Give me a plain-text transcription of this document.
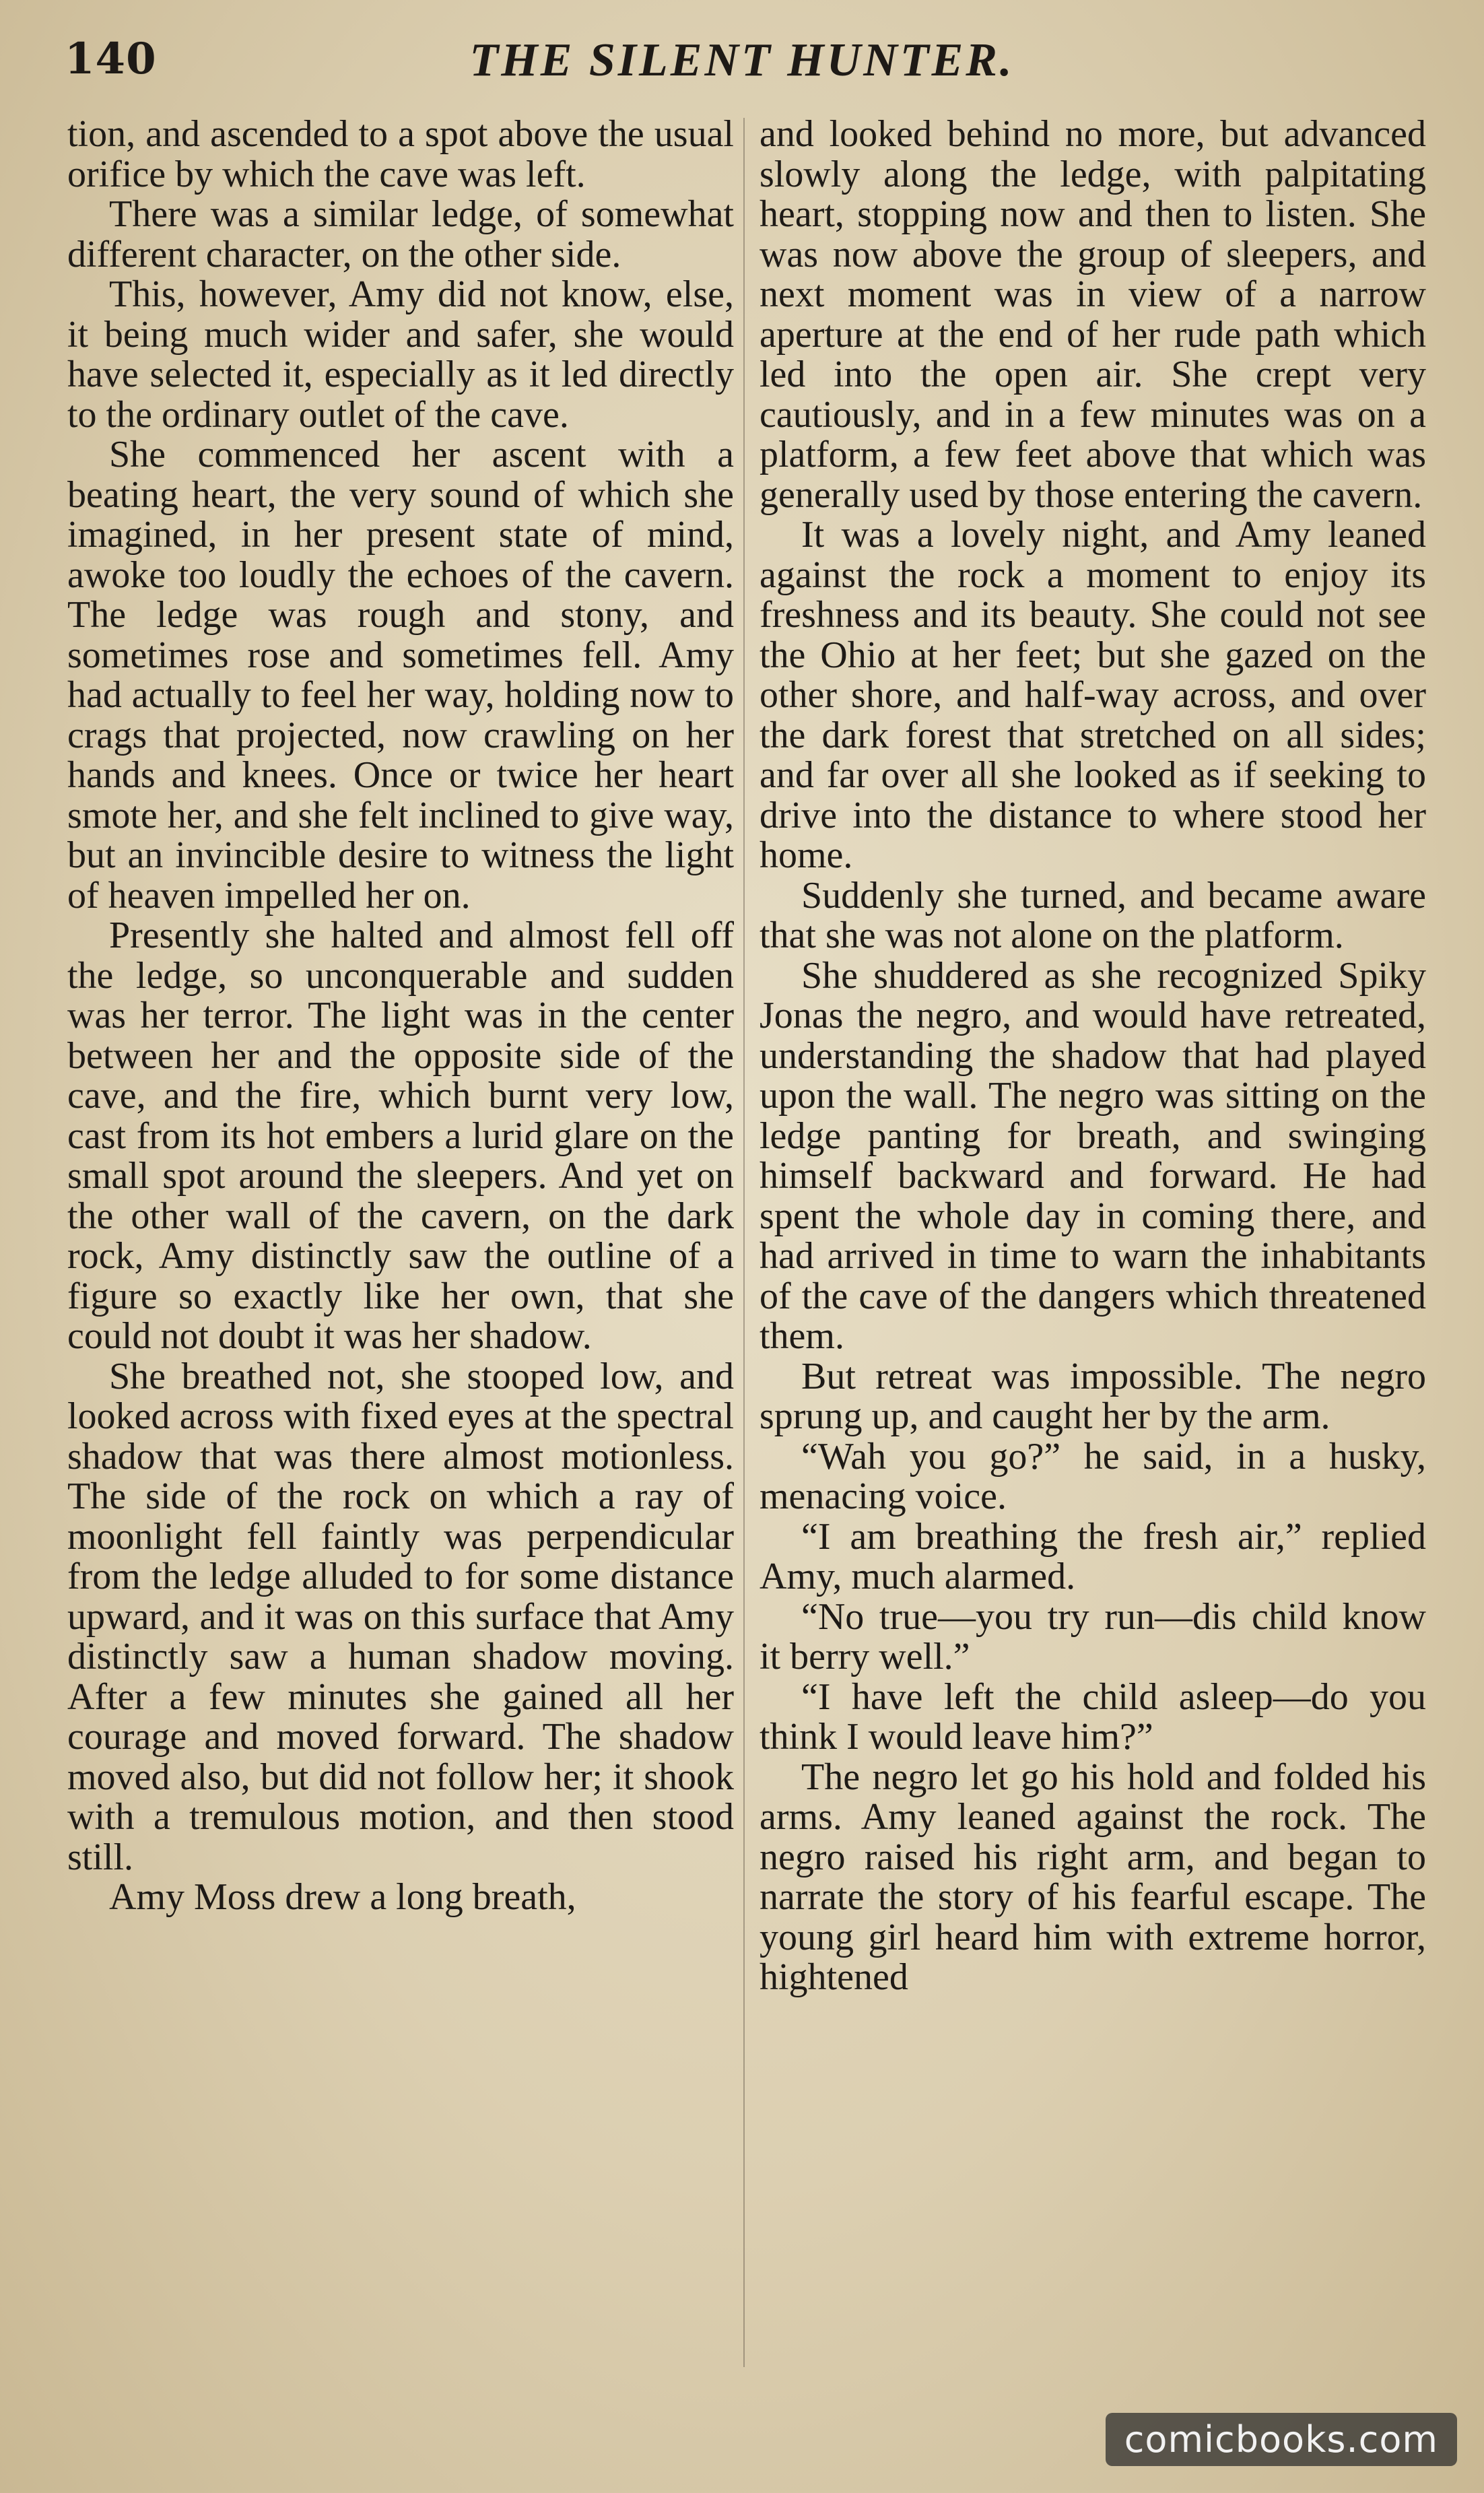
140	THE SILENT HUNTER.

tion, and ascended to a spot above the usual orifice by which the cave was left.

There was a similar ledge, of somewhat different character, on the other side.

This, however, Amy did not know, else, it being much wider and safer, she would have selected it, especially as it led directly to the ordinary outlet of the cave.

She commenced her ascent with a beating heart, the very sound of which she imagined, in her present state of mind, awoke too loudly the echoes of the cavern. The ledge was rough and stony, and sometimes rose and sometimes fell. Amy had actually to feel her way, holding now to crags that projected, now crawling on her hands and knees. Once or twice her heart smote her, and she felt inclined to give way, but an invincible desire to witness the light of heaven impelled her on.

Presently she halted and almost fell off the ledge, so unconquerable and sudden was her terror. The light was in the center between her and the opposite side of the cave, and the fire, which burnt very low, cast from its hot embers a lurid glare on the small spot around the sleepers. And yet on the other wall of the cavern, on the dark rock, Amy distinctly saw the outline of a figure so exactly like her own, that she could not doubt it was her shadow.

She breathed not, she stooped low, and looked across with fixed eyes at the spectral shadow that was there almost motionless. The side of the rock on which a ray of moonlight fell faintly was perpendicular from the ledge alluded to for some distance upward, and it was on this surface that Amy distinctly saw a human shadow moving. After a few minutes she gained all her courage and moved forward. The shadow moved also, but did not follow her; it shook with a tremulous motion, and then stood still.

Amy Moss drew a long breath,

and looked behind no more, but advanced slowly along the ledge, with palpitating heart, stopping now and then to listen. She was now above the group of sleepers, and next moment was in view of a narrow aperture at the end of her rude path which led into the open air. She crept very cautiously, and in a few minutes was on a platform, a few feet above that which was generally used by those entering the cavern.

It was a lovely night, and Amy leaned against the rock a moment to enjoy its freshness and its beauty. She could not see the Ohio at her feet; but she gazed on the other shore, and half-way across, and over the dark forest that stretched on all sides; and far over all she looked as if seeking to drive into the distance to where stood her home.

Suddenly she turned, and became aware that she was not alone on the platform.

She shuddered as she recognized Spiky Jonas the negro, and would have retreated, understanding the shadow that had played upon the wall. The negro was sitting on the ledge panting for breath, and swinging himself backward and forward. He had spent the whole day in coming there, and had arrived in time to warn the inhabitants of the cave of the dangers which threatened them.

But retreat was impossible. The negro sprung up, and caught her by the arm.

“Wah you go?” he said, in a husky, menacing voice.

“I am breathing the fresh air,” replied Amy, much alarmed.

“No true—you try run—dis child know it berry well.”

“I have left the child asleep—do you think I would leave him?”

The negro let go his hold and folded his arms. Amy leaned against the rock. The negro raised his right arm, and began to narrate the story of his fearful escape. The young girl heard him with extreme horror, hightened

comicbooks.com
